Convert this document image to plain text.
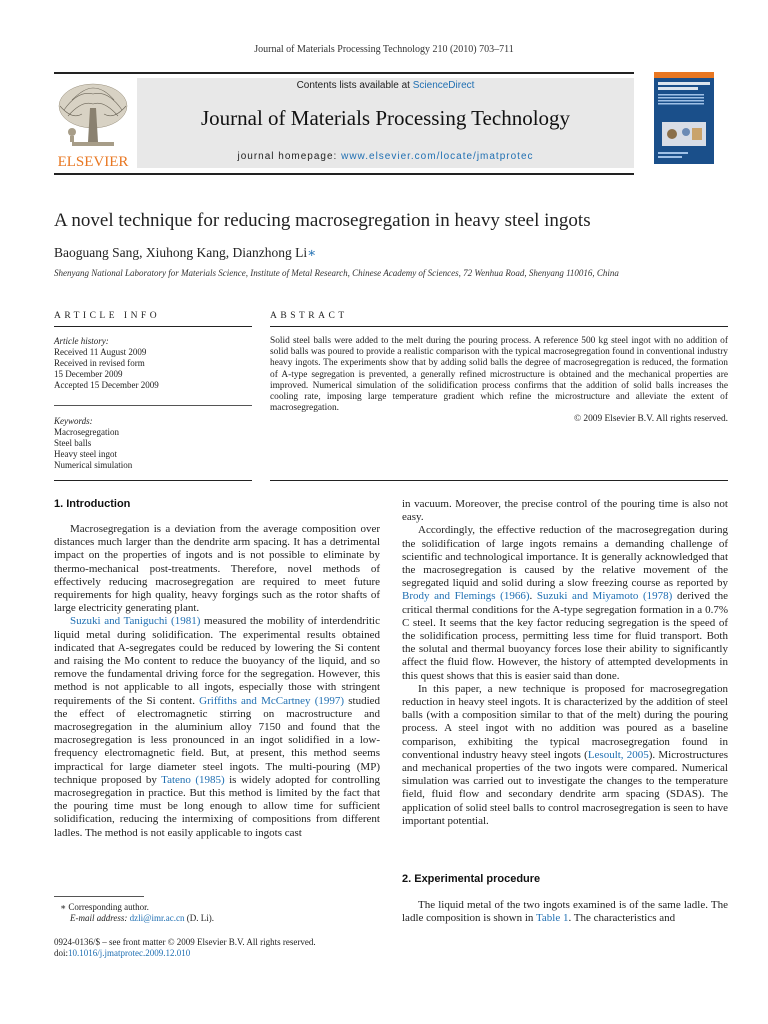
Journal of Materials Processing Technology 210 (2010) 703–711
ELSEVIER
Contents lists available at ScienceDirect
Journal of Materials Processing Technology
journal homepage: www.elsevier.com/locate/jmatprotec
A novel technique for reducing macrosegregation in heavy steel ingots
Baoguang Sang, Xiuhong Kang, Dianzhong Li∗
Shenyang National Laboratory for Materials Science, Institute of Metal Research, Chinese Academy of Sciences, 72 Wenhua Road, Shenyang 110016, China
ARTICLE INFO

Article history:

Received 11 August 2009

Received in revised form

15 December 2009

Accepted 15 December 2009

Keywords:

Macrosegregation

Steel balls

Heavy steel ingot

Numerical simulation

ABSTRACT
Solid steel balls were added to the melt during the pouring process. A reference 500 kg steel ingot with no addition of solid balls was poured to provide a realistic comparison with the typical macrosegregation found in conventional industry heavy ingots. The experiments show that by adding solid balls the degree of macrosegregation is reduced, the formation of A-type segregation is prevented, a generally refined microstructure is obtained and the mechanical properties are improved. Numerical simulation of the solidification process confirms that the addition of solid balls increases the cooling rate, imposing large temperature gradient which refine the microstructure and alleviate the extent of macrosegregation.
© 2009 Elsevier B.V. All rights reserved.
1. Introduction

Macrosegregation is a deviation from the average composition over distances much larger than the dendrite arm spacing. It has a detrimental impact on the properties of ingots and is not possible to eliminate by thermo-mechanical post-treatments. Therefore, novel methods of effectively reducing macrosegregation are required to meet future requirements for high quality, heavy forgings such as the rotor shafts of large electricity generating plant.

Suzuki and Taniguchi (1981) measured the mobility of interdendritic liquid metal during solidification. The experimental results obtained indicated that A-segregates could be reduced by lowering the Si content and raising the Mo content to reduce the buoyancy of the liquid, and so remove the fundamental driving force for the segregation. However, this method is not applicable to all ingots, especially those with stringent requirements of the Si content. Griffiths and McCartney (1997) studied the effect of electromagnetic stirring on macrostructure and macrosegregation in the aluminium alloy 7150 and found that the macrosegregation is less pronounced in an ingot solidified in a low-frequency electromagnetic field. But, at present, this method seems impractical for large diameter steel ingots. The multi-pouring (MP) technique proposed by Tateno (1985) is widely adopted for controlling macrosegregation in practice. But this method is limited by the fact that the pouring time must be long enough to allow time for sufficient solidification, reducing the intermixing of compositions from different ladles. The method is not easily applicable to ingots cast

in vacuum. Moreover, the precise control of the pouring time is also not easy.

Accordingly, the effective reduction of the macrosegregation during the solidification of large ingots remains a demanding challenge of scientific and technological importance. It is generally acknowledged that the macrosegregation is caused by the relative movement of the segregated liquid and solid during a slow freezing course as reported by Brody and Flemings (1966). Suzuki and Miyamoto (1978) derived the critical thermal conditions for the A-type segregation formation in a 0.7% C steel. It seems that the key factor reducing segregation is the speed of the solidification process, permitting less time for fluid transport. Both the solutal and thermal buoyancy forces lose their ability to significantly affect the fluid flow. However, the history of attempted developments in this quest shows that this is easier said than done.

In this paper, a new technique is proposed for macrosegregation reduction in heavy steel ingots. It is characterized by the addition of steel balls (with a composition similar to that of the melt) during the pouring process. A steel ingot with no addition was poured as a baseline comparison, exhibiting the typical macrosegregation found in conventional industry heavy steel ingots (Lesoult, 2005). Microstructures and mechanical properties of the two ingots were compared. Numerical simulation was carried out to investigate the changes to the temperature field, fluid flow and secondary dendrite arm spacing (SDAS). The application of solid steel balls to control macrosegregation is seen to have important potential.

2. Experimental procedure

The liquid metal of the two ingots examined is of the same ladle. The ladle composition is shown in Table 1. The characteristics and

∗ Corresponding author.
E-mail address: dzli@imr.ac.cn (D. Li).
0924-0136/$ – see front matter © 2009 Elsevier B.V. All rights reserved.
doi:10.1016/j.jmatprotec.2009.12.010
